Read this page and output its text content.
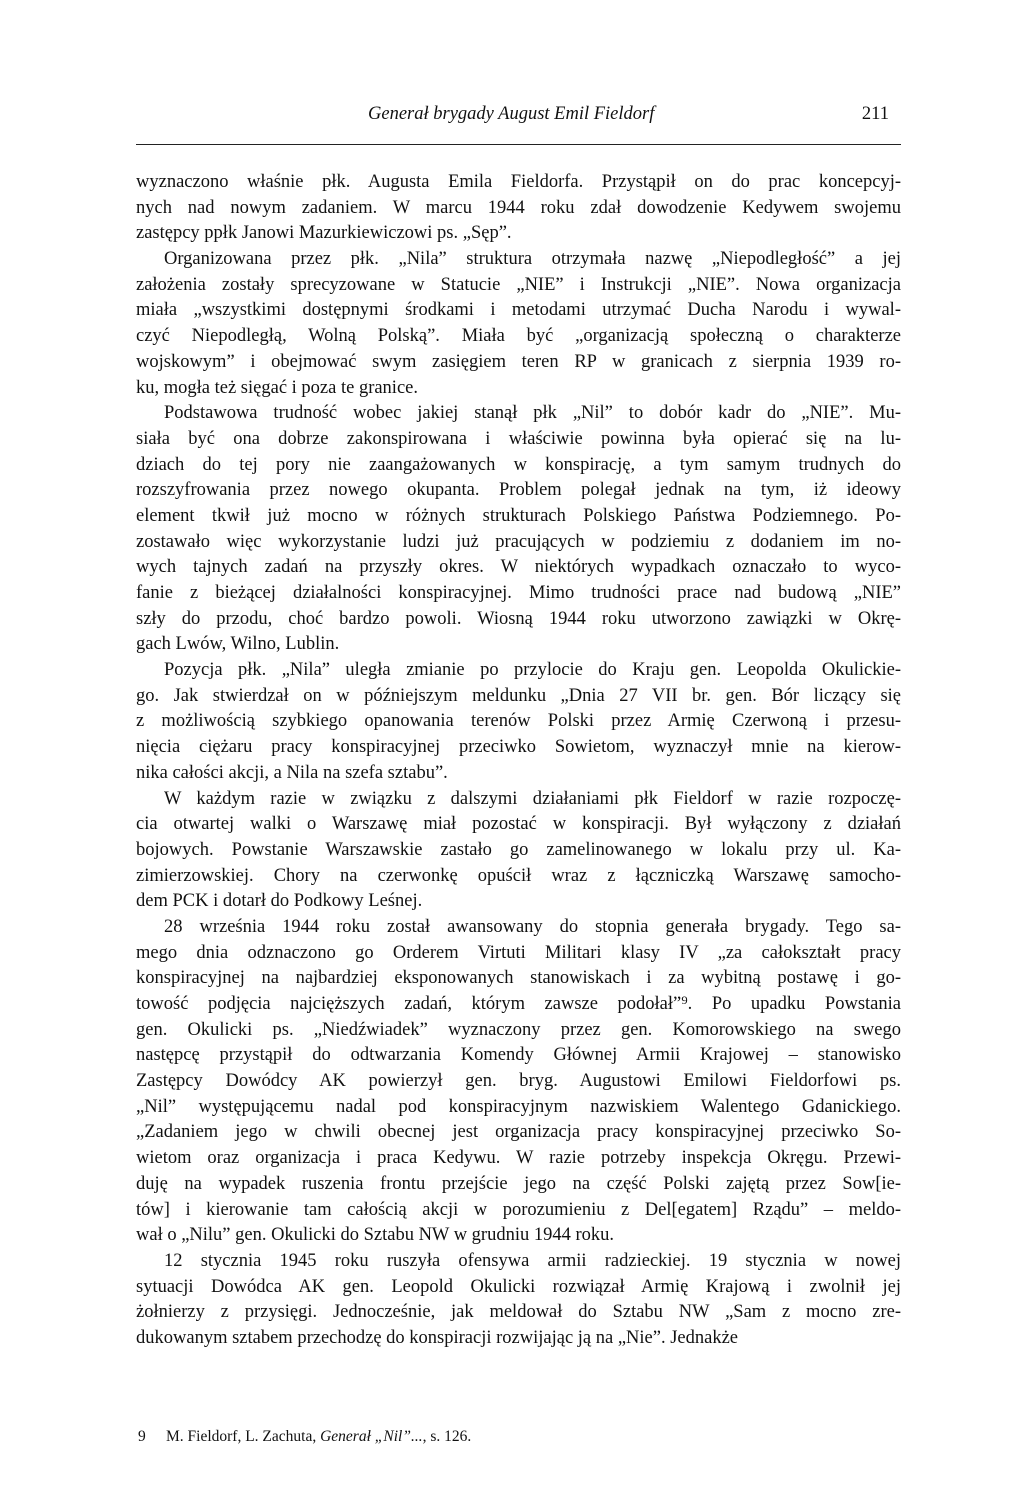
Generał brygady August Emil Fieldorf	211
wyznaczono właśnie płk. Augusta Emila Fieldorfa. Przystąpił on do prac koncepcyj-
nych nad nowym zadaniem. W marcu 1944 roku zdał dowodzenie Kedywem swojemu
zastępcy ppłk Janowi Mazurkiewiczowi ps. „Sęp”.
Organizowana przez płk. „Nila” struktura otrzymała nazwę „Niepodległość” a jej
założenia zostały sprecyzowane w Statucie „NIE” i Instrukcji „NIE”. Nowa organizacja
miała „wszystkimi dostępnymi środkami i metodami utrzymać Ducha Narodu i wywal-
czyć Niepodległą, Wolną Polską”. Miała być „organizacją społeczną o charakterze
wojskowym” i obejmować swym zasięgiem teren RP w granicach z sierpnia 1939 ro-
ku, mogła też sięgać i poza te granice.
Podstawowa trudność wobec jakiej stanął płk „Nil” to dobór kadr do „NIE”. Mu-
siała być ona dobrze zakonspirowana i właściwie powinna była opierać się na lu-
dziach do tej pory nie zaangażowanych w konspirację, a tym samym trudnych do
rozszyfrowania przez nowego okupanta. Problem polegał jednak na tym, iż ideowy
element tkwił już mocno w różnych strukturach Polskiego Państwa Podziemnego. Po-
zostawało więc wykorzystanie ludzi już pracujących w podziemiu z dodaniem im no-
wych tajnych zadań na przyszły okres. W niektórych wypadkach oznaczało to wyco-
fanie z bieżącej działalności konspiracyjnej. Mimo trudności prace nad budową „NIE”
szły do przodu, choć bardzo powoli. Wiosną 1944 roku utworzono zawiązki w Okrę-
gach Lwów, Wilno, Lublin.
Pozycja płk. „Nila” uległa zmianie po przylocie do Kraju gen. Leopolda Okulickie-
go. Jak stwierdzał on w późniejszym meldunku „Dnia 27 VII br. gen. Bór liczący się
z możliwością szybkiego opanowania terenów Polski przez Armię Czerwoną i przesu-
nięcia ciężaru pracy konspiracyjnej przeciwko Sowietom, wyznaczył mnie na kierow-
nika całości akcji, a Nila na szefa sztabu”.
W każdym razie w związku z dalszymi działaniami płk Fieldorf w razie rozpoczę-
cia otwartej walki o Warszawę miał pozostać w konspiracji. Był wyłączony z działań
bojowych. Powstanie Warszawskie zastało go zamelinowanego w lokalu przy ul. Ka-
zimierzowskiej. Chory na czerwonkę opuścił wraz z łączniczką Warszawę samocho-
dem PCK i dotarł do Podkowy Leśnej.
28 września 1944 roku został awansowany do stopnia generała brygady. Tego sa-
mego dnia odznaczono go Orderem Virtuti Militari klasy IV „za całokształt pracy
konspiracyjnej na najbardziej eksponowanych stanowiskach i za wybitną postawę i go-
towość podjęcia najcięższych zadań, którym zawsze podołał”⁹. Po upadku Powstania
gen. Okulicki ps. „Niedźwiadek” wyznaczony przez gen. Komorowskiego na swego
następcę przystąpił do odtwarzania Komendy Głównej Armii Krajowej – stanowisko
Zastępcy Dowódcy AK powierzył gen. bryg. Augustowi Emilowi Fieldorfowi ps.
„Nil” występującemu nadal pod konspiracyjnym nazwiskiem Walentego Gdanickiego.
„Zadaniem jego w chwili obecnej jest organizacja pracy konspiracyjnej przeciwko So-
wietom oraz organizacja i praca Kedywu. W razie potrzeby inspekcja Okręgu. Przewi-
duję na wypadek ruszenia frontu przejście jego na część Polski zajętą przez Sow[ie-
tów] i kierowanie tam całością akcji w porozumieniu z Del[egatem] Rządu” – meldo-
wał o „Nilu” gen. Okulicki do Sztabu NW w grudniu 1944 roku.
12 stycznia 1945 roku ruszyła ofensywa armii radzieckiej. 19 stycznia w nowej
sytuacji Dowódca AK gen. Leopold Okulicki rozwiązał Armię Krajową i zwolnił jej
żołnierzy z przysięgi. Jednocześnie, jak meldował do Sztabu NW „Sam z mocno zre-
dukowanym sztabem przechodzę do konspiracji rozwijając ją na „Nie”. Jednakże
9 M. Fieldorf, L. Zachuta, Generał „Nil”..., s. 126.
